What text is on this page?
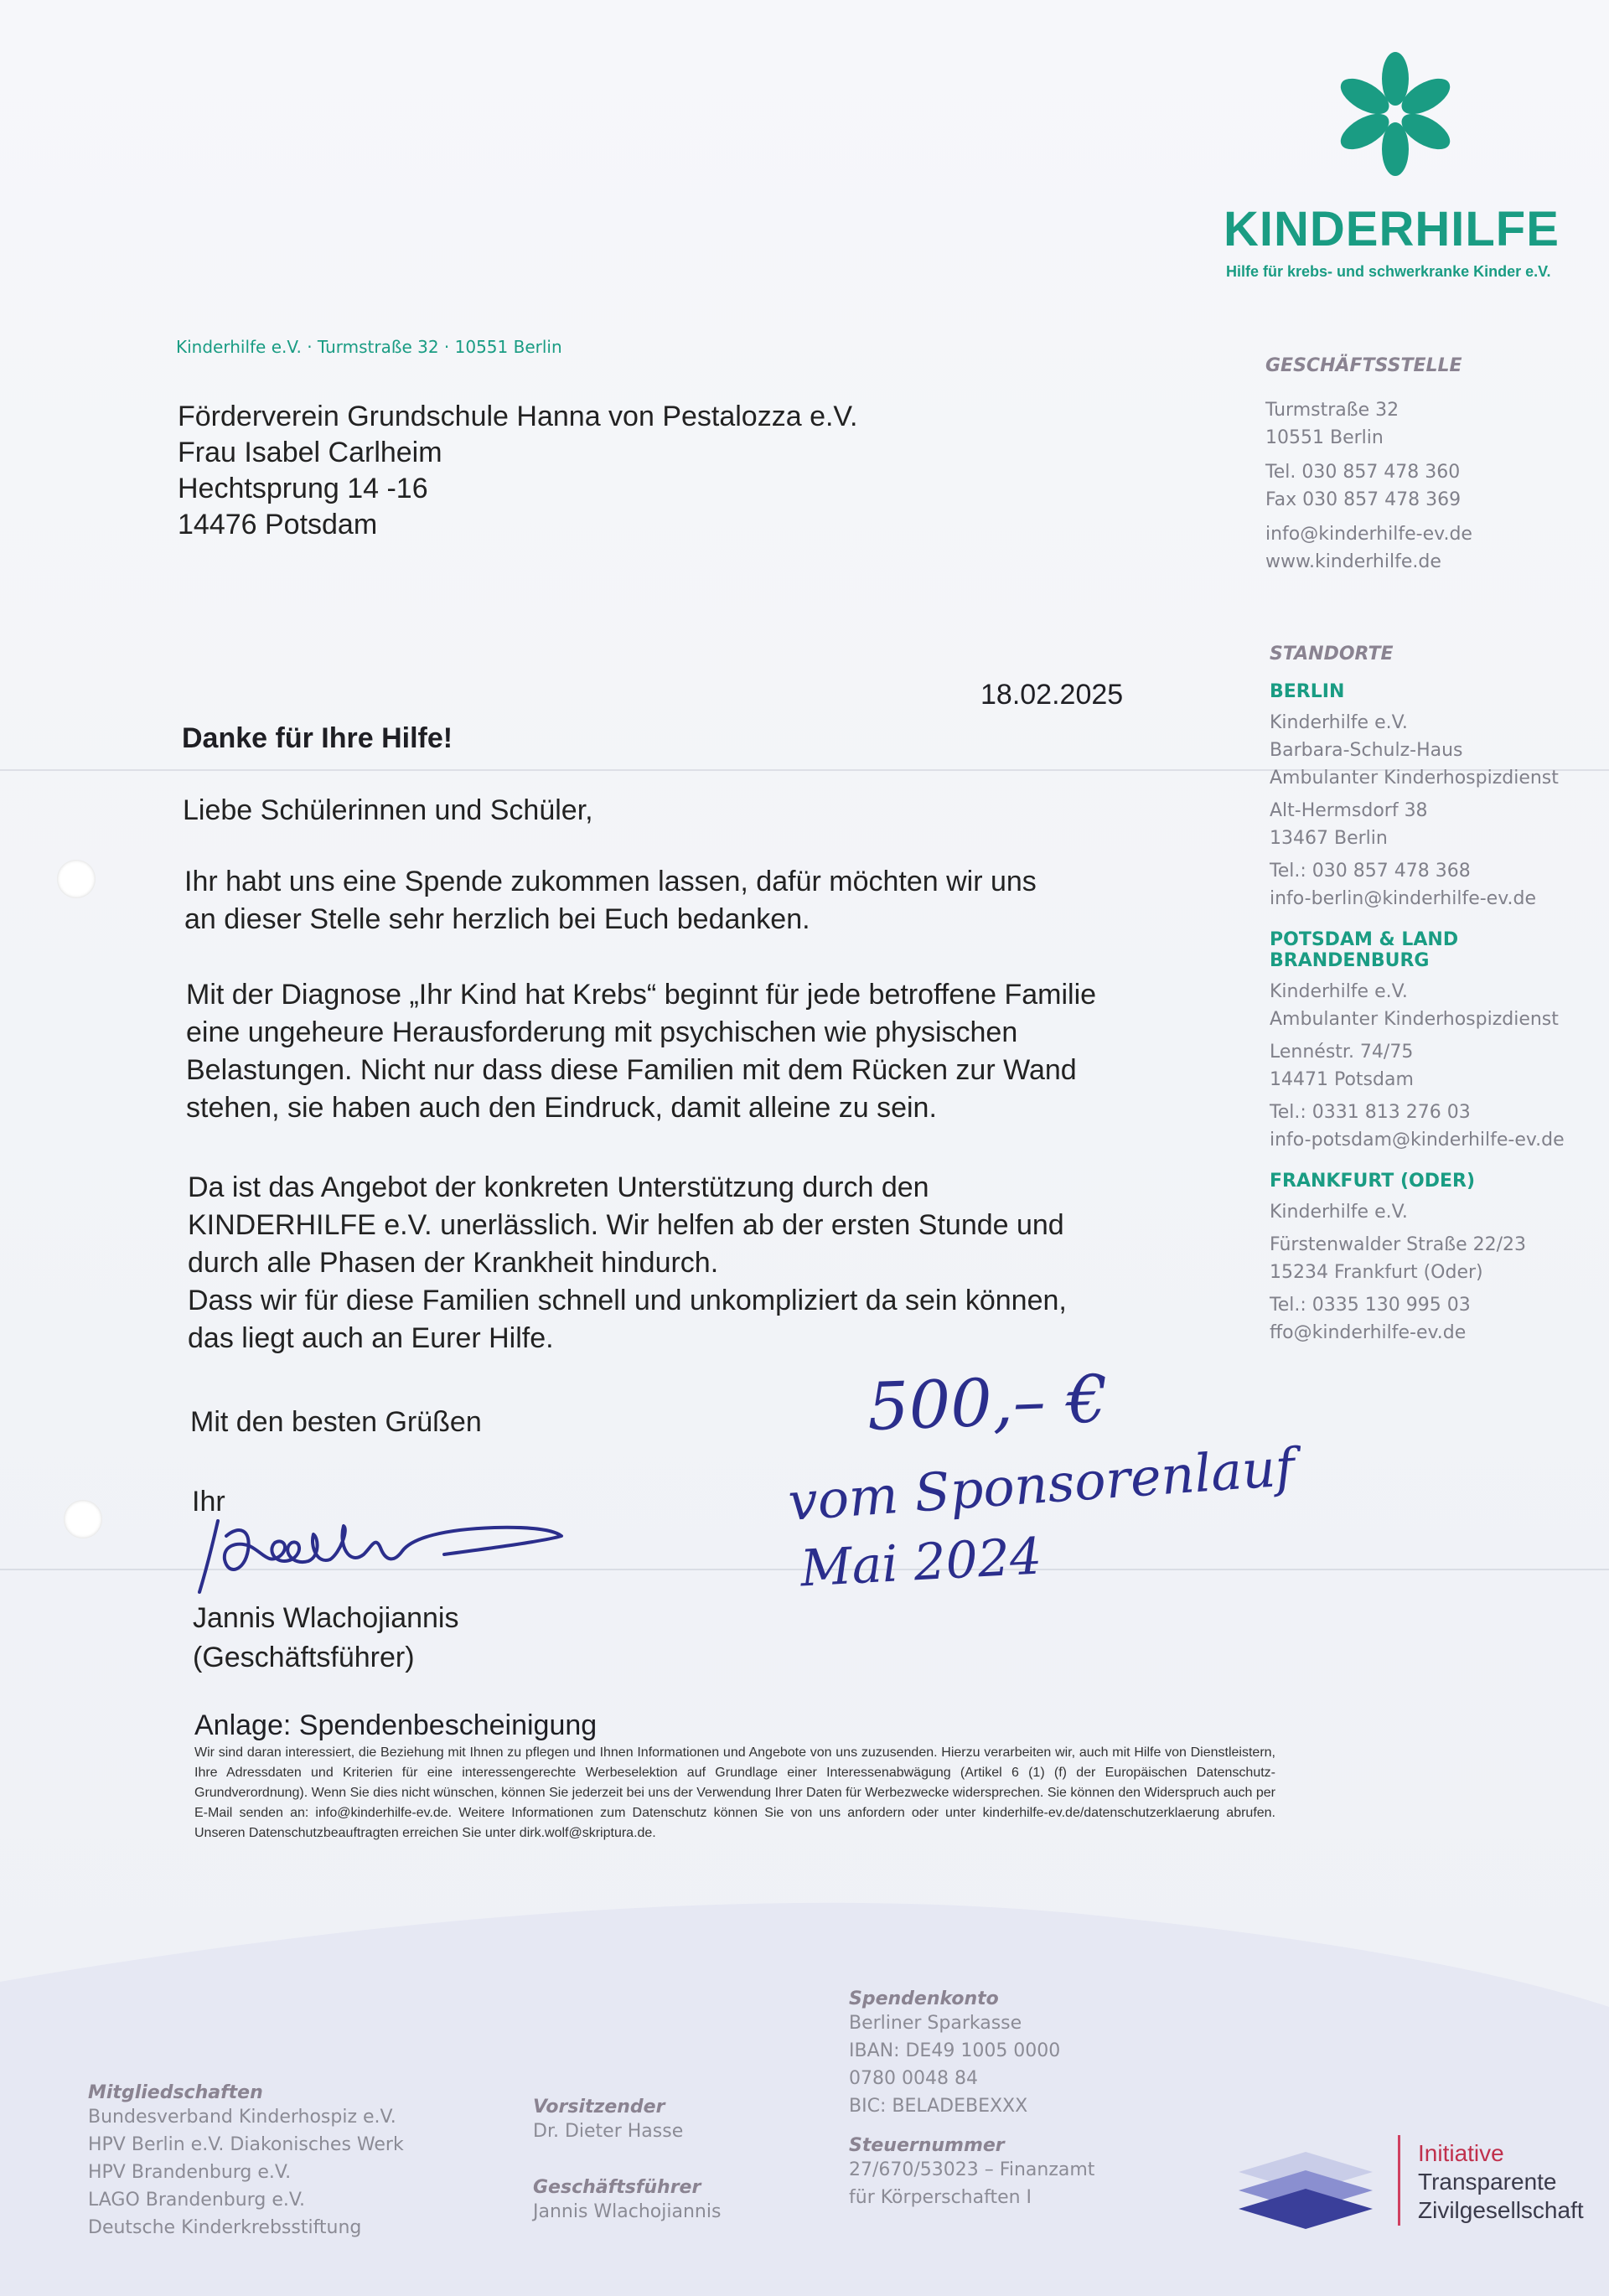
KINDERHILFE
Hilfe für krebs- und schwerkranke Kinder e.V.
Kinderhilfe e.V. · Turmstraße 32 · 10551 Berlin
Förderverein Grundschule Hanna von Pestalozza e.V.
Frau Isabel Carlheim
Hechtsprung 14 -16
14476 Potsdam
GESCHÄFTSSTELLE
Turmstraße 32
10551 Berlin
Tel. 030 857 478 360
Fax 030 857 478 369
info@kinderhilfe-ev.de
www.kinderhilfe.de
STANDORTE
BERLIN
Kinderhilfe e.V.
Barbara-Schulz-Haus
Ambulanter Kinderhospizdienst
Alt-Hermsdorf 38
13467 Berlin
Tel.: 030 857 478 368
info-berlin@kinderhilfe-ev.de
POTSDAM & LAND
BRANDENBURG
Kinderhilfe e.V.
Ambulanter Kinderhospizdienst
Lennéstr. 74/75
14471 Potsdam
Tel.: 0331 813 276 03
info-potsdam@kinderhilfe-ev.de
FRANKFURT (ODER)
Kinderhilfe e.V.
Fürstenwalder Straße 22/23
15234 Frankfurt (Oder)
Tel.: 0335 130 995 03
ffo@kinderhilfe-ev.de
18.02.2025
Danke für Ihre Hilfe!
Liebe Schülerinnen und Schüler,
Ihr habt uns eine Spende zukommen lassen, dafür möchten wir uns
an dieser Stelle sehr herzlich bei Euch bedanken.
Mit der Diagnose „Ihr Kind hat Krebs“ beginnt für jede betroffene Familie
eine ungeheure Herausforderung mit psychischen wie physischen
Belastungen. Nicht nur dass diese Familien mit dem Rücken zur Wand
stehen, sie haben auch den Eindruck, damit alleine zu sein.
Da ist das Angebot der konkreten Unterstützung durch den
KINDERHILFE e.V. unerlässlich. Wir helfen ab der ersten Stunde und
durch alle Phasen der Krankheit hindurch.
Dass wir für diese Familien schnell und unkompliziert da sein können,
das liegt auch an Eurer Hilfe.
Mit den besten Grüßen
Ihr
Jannis Wlachojiannis
(Geschäftsführer)
500,– €
vom Sponsorenlauf
Mai 2024
Anlage: Spendenbescheinigung
Wir sind daran interessiert, die Beziehung mit Ihnen zu pflegen und Ihnen Informationen und Angebote von uns zuzusenden. Hierzu verarbeiten wir, auch mit Hilfe von Dienstleistern, Ihre Adressdaten und Kriterien für eine interessengerechte Werbeselektion auf Grundlage einer Interessenabwägung (Artikel 6 (1) (f) der Europäischen Datenschutz-Grundverordnung). Wenn Sie dies nicht wünschen, können Sie jederzeit bei uns der Verwendung Ihrer Daten für Werbezwecke widersprechen. Sie können den Widerspruch auch per E-Mail senden an: info@kinderhilfe-ev.de. Weitere Informationen zum Datenschutz können Sie von uns anfordern oder unter kinderhilfe-ev.de/datenschutzerklaerung abrufen. Unseren Datenschutzbeauftragten erreichen Sie unter dirk.wolf@skriptura.de.
Mitgliedschaften
Bundesverband Kinderhospiz e.V.
HPV Berlin e.V. Diakonisches Werk
HPV Brandenburg e.V.
LAGO Brandenburg e.V.
Deutsche Kinderkrebsstiftung
Vorsitzender
Dr. Dieter Hasse
Geschäftsführer
Jannis Wlachojiannis
Spendenkonto
Berliner Sparkasse
IBAN: DE49 1005 0000
0780 0048 84
BIC: BELADEBEXXX
Steuernummer
27/670/53023 – Finanzamt
für Körperschaften I
Initiative
Transparente
Zivilgesellschaft
